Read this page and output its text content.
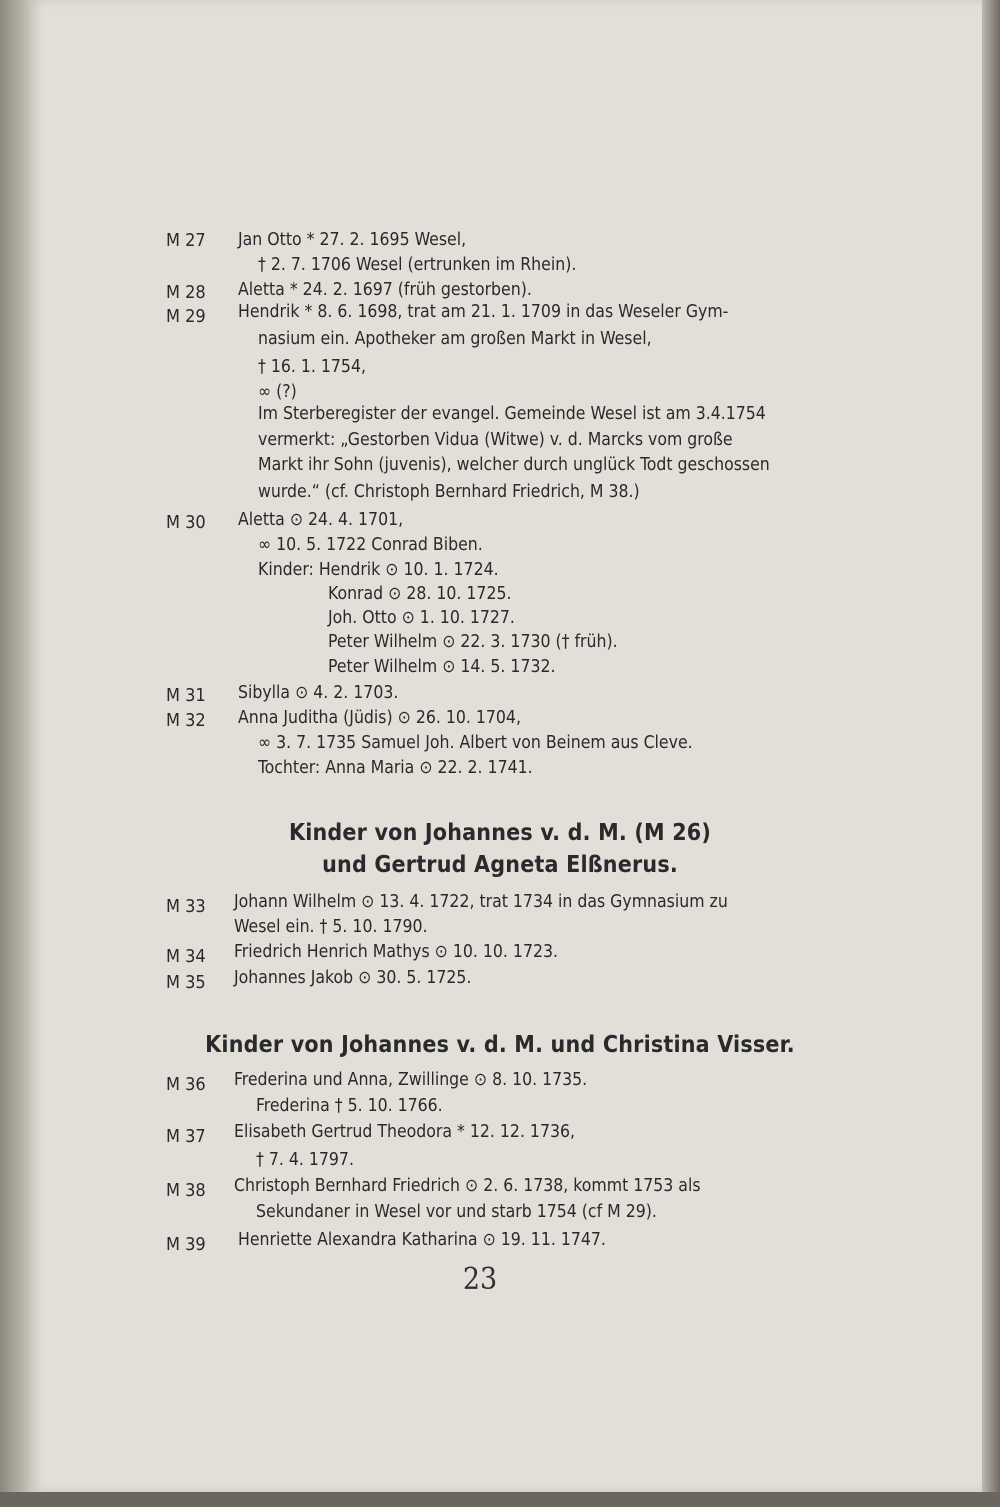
M 27	Jan Otto * 27. 2. 1695 Wesel,
† 2. 7. 1706 Wesel (ertrunken im Rhein).
M 28	Aletta * 24. 2. 1697 (früh gestorben).
M 29	Hendrik * 8. 6. 1698, trat am 21. 1. 1709 in das Weseler Gym-
nasium ein. Apotheker am großen Markt in Wesel,
† 16. 1. 1754,
∞ (?)
Im Sterberegister der evangel. Gemeinde Wesel ist am 3.4.1754
vermerkt: „Gestorben Vidua (Witwe) v. d. Marcks vom große
Markt ihr Sohn (juvenis), welcher durch unglück Todt geschossen
wurde.“ (cf. Christoph Bernhard Friedrich, M 38.)
M 30	Aletta ⊙ 24. 4. 1701,
∞ 10. 5. 1722 Conrad Biben.
Kinder: Hendrik ⊙ 10. 1. 1724.
Konrad ⊙ 28. 10. 1725.
Joh. Otto ⊙ 1. 10. 1727.
Peter Wilhelm ⊙ 22. 3. 1730 († früh).
Peter Wilhelm ⊙ 14. 5. 1732.
M 31	Sibylla ⊙ 4. 2. 1703.
M 32	Anna Juditha (Jüdis) ⊙ 26. 10. 1704,
∞ 3. 7. 1735 Samuel Joh. Albert von Beinem aus Cleve.
Tochter: Anna Maria ⊙ 22. 2. 1741.
Kinder von Johannes v. d. M. (M 26)
und Gertrud Agneta Elßnerus.
M 33	Johann Wilhelm ⊙ 13. 4. 1722, trat 1734 in das Gymnasium zu
Wesel ein. † 5. 10. 1790.
M 34	Friedrich Henrich Mathys ⊙ 10. 10. 1723.
M 35	Johannes Jakob ⊙ 30. 5. 1725.
Kinder von Johannes v. d. M. und Christina Visser.
M 36	Frederina und Anna, Zwillinge ⊙ 8. 10. 1735.
Frederina † 5. 10. 1766.
M 37	Elisabeth Gertrud Theodora * 12. 12. 1736,
† 7. 4. 1797.
M 38	Christoph Bernhard Friedrich ⊙ 2. 6. 1738, kommt 1753 als
Sekundaner in Wesel vor und starb 1754 (cf M 29).
M 39	Henriette Alexandra Katharina ⊙ 19. 11. 1747.
23
